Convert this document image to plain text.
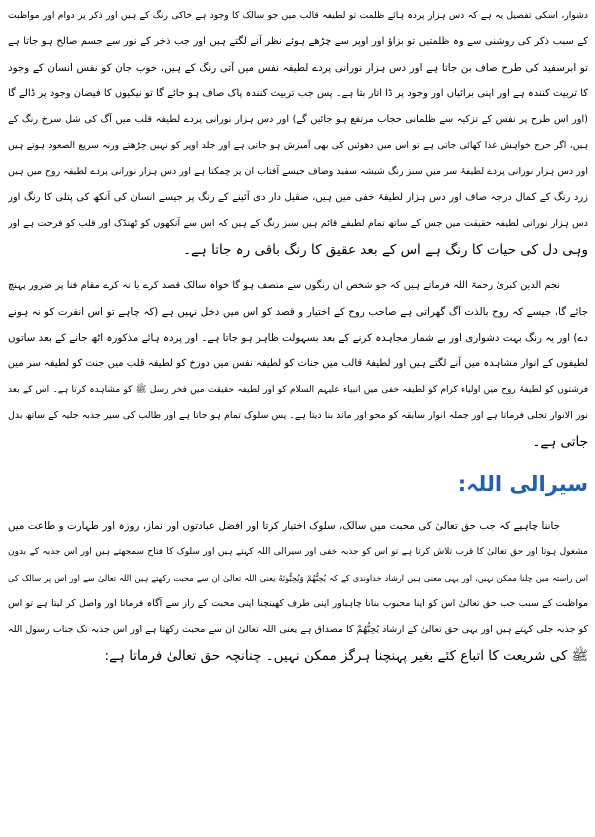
دشوار، اسکی تفصیل یہ ہے کہ دس ہزار پردہ ہائے ظلمت تو لطیفہ قالب میں جو سالک کا وجود ہے خاکی رنگ کے ہیں اور ذکر پر دوام اور مواظبت
کے سبب ذکر کی روشنی سے وہ ظلمتیں تو بزاؤ اور اوپر سے چڑھے ہوئے نظر آنے لگتے ہیں اور جب ذخر کے نور سے جسم صالح ہو جاتا ہے
تو ابرسفید کی طرح صاف بن جاتا ہے اور دس ہزار نورانی پردے لطیفہ نفس میں آتی رنگ کے ہیں، خوب جان کو نفس انسان کے وجود
کا تربیت کنندہ ہے اور اپنی برائیاں اور وجود پر ڈا اتار بتا ہے۔ پس جب تربیت کنندہ پاک صاف ہو جائے گا تو نیکیوں کا فیضان وجود پر ڈالے گا
(اور اس طرح پر نفس کے تزکیہ سے ظلمانی حجاب مرتفع ہو جائیں گے) اور دس ہزار نورانی پردے لطیفہ قلب میں آگ کی شل سرخ رنگ کے
ہیں، اگر حرج خواہش غذا کھائی جاتی ہے تو اس میں دھوئیں کی بھی آمیزش ہو جاتی ہے اور جلد اوپر کو نہیں چڑھتے ورنہ سریع الصعود ہوتے ہیں
اور دس ہزار نورانی پردے لطیفۂ سر میں سبز رنگ شیشہ سفید وصاف جیسے آفتاب ان پر چمکتا ہے اور دس ہزار نورانی پردے لطیفہ روح میں ہیں
زرد رنگ کے کمال درجہ صاف اور دس ہزار لطیفۂ خفی میں ہیں، صقیل دار دی آئینے کے رنگ پر جیسے انسان کی آنکھ کی پتلی کا رنگ اور
دس ہزار نورانی لطیفہ حقیقت میں جس کے ساتھ تمام لطیفے قائم ہیں سبز رنگ کے ہیں کہ اس سے آنکھوں کو ٹھنڈک اور قلب کو فرحت ہے اور
وہی دل کی حیات کا رنگ ہے اس کے بعد عقیق کا رنگ باقی رہ جاتا ہے۔
نجم الدین کبریٰ رحمۃ اللہ فرماتے ہیں کہ جو شخص ان رنگوں سے متصف ہو گا خواہ سالک قصد کرے یا نہ کرے مقام فنا پر ضرور پہنچ
جائے گا، جیسے کہ روح بالذت آگ گھراتی ہے صاحب روح کے اختیار و قصد کو اس میں دخل نہیں ہے (کہ چاہے تو اس انفرت کو نہ ہونے
دے) اور یہ رنگ بہت دشواری اور بے شمار مجاہدہ کرنے کے بعد بسہولت ظاہر ہو جاتا ہے۔ اور پردہ ہائے مذکورہ اٹھ جانے کے بعد ساتوں
لطیفوں کے انوار مشاہدہ میں آنے لگتے ہیں اور لطیفۂ قالب میں جنات کو لطیفہ نفس میں دوزخ کو لطیفہ قلب میں جنت کو لطیفہ سر میں
فرشتوں کو لطیفۂ روح میں اولیاء کرام کو لطیفہ خفی میں انبیاء علیہم السلام کو اور لطیفہ حقیقت میں فخر رسل ﷺ کو مشاہدہ کرتا ہے۔ اس کے بعد
نور الانوار تجلی فرماتا ہے اور جملہ انوار سابقہ کو محو اور ماند بنا دیتا ہے۔ پس سلوک تمام ہو جاتا ہے اور طالب کی سیر جذبہ جلیہ کے ساتھ بدل
جاتی ہے۔
سیرالی اللہ:
جاننا چاہیے کہ جب حق تعالیٰ کی محبت میں سالک، سلوک اختیار کرتا اور افضل عبادتوں اور نماز، روزہ اور طہارت و طاعت میں
مشغول ہوتا اور حق تعالیٰ کا قرب تلاش کرتا ہے تو اس کو جذبہ خفی اور سیرالی اللہ کہتے ہیں اور سلوک کا فتاح سمجھتے ہیں اور اس جذبہ کے بدون
اس راستہ میں چلنا ممکن نہیں، اور یہی معنی ہیں ارشاد خداوندی کے کہ یُحِبُّهُمْ وَيُحِبُّونَهُ یعنی اللہ تعالیٰ ان سے محبت رکھتے ہیں اللہ تعالیٰ سے اور اس پر سالک کی
مواظبت کے سبب جب حق تعالیٰ اس کو اپنا محبوب بنانا چاہیاور اپنی طرف کھینچنا اپنی محبت کے راز سے آگاہ فرماتا اور واصل کر لیتا ہے تو اس
کو جذبہ جلی کہتے ہیں اور یہی حق تعالیٰ کے ارشاد یُحِبُّهُمْ کا مصداق ہے یعنی اللہ تعالیٰ ان سے محبت رکھتا ہے اور اس جذبہ تک جناب رسول اللہ
ﷺ کی شریعت کا اتباع کئے بغیر پہنچنا ہرگز ممکن نہیں۔ چنانچہ حق تعالیٰ فرماتا ہے:
